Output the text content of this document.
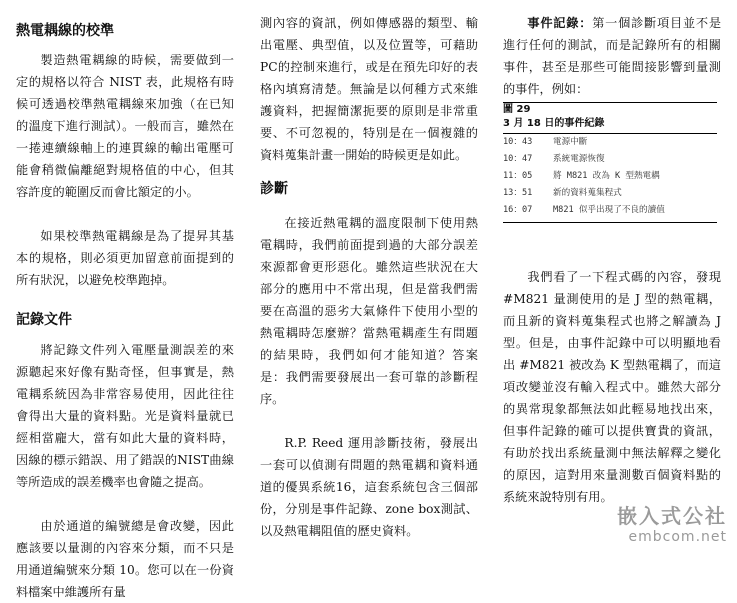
熱電耦線的校準

製造熱電耦線的時候，需要做到一定的規格以符合 NIST 表，此規格有時候可透過校準熱電耦線來加強（在已知的溫度下進行測試）。一般而言，雖然在一捲連續線軸上的連貫線的輸出電壓可能會稍微偏離絕對規格值的中心，但其容許度的範圍反而會比額定的小。

如果校準熱電耦線是為了提昇其基本的規格，則必須更加留意前面提到的所有狀況，以避免校準跑掉。

記錄文件

將記錄文件列入電壓量測誤差的來源聽起來好像有點奇怪，但事實是，熱電耦系統因為非常容易使用，因此往往會得出大量的資料點。光是資料量就已經相當龐大，當有如此大量的資料時，因線的標示錯誤、用了錯誤的NIST曲線等所造成的誤差機率也會隨之提高。

由於通道的編號總是會改變，因此應該要以量測的內容來分類，而不只是用通道編號來分類 10。您可以在一份資料檔案中維護所有量

測內容的資訊，例如傳感器的類型、輸出電壓、典型值，以及位置等，可藉助PC的控制來進行，或是在預先印好的表格內填寫清楚。無論是以何種方式來維護資料，把握簡潔扼要的原則是非常重要、不可忽視的，特別是在一個複雜的資料蒐集計畫一開始的時候更是如此。

診斷

在接近熱電耦的溫度限制下使用熱電耦時，我們前面提到過的大部分誤差來源都會更形惡化。雖然這些狀況在大部分的應用中不常出現，但是當我們需要在高溫的惡劣大氣條件下使用小型的熱電耦時怎麼辦？當熱電耦產生有問題的結果時，我們如何才能知道？答案是：我們需要發展出一套可靠的診斷程序。

R.P. Reed 運用診斷技術，發展出一套可以偵測有問題的熱電耦和資料通道的優異系統16，這套系統包含三個部份，分別是事件記錄、zone box測試、以及熱電耦阻值的歷史資料。

事件記錄：第一個診斷項目並不是進行任何的測試，而是記錄所有的相關事件，甚至是那些可能間接影響到量測的事件，例如：

我們看了一下程式碼的內容，發現 #M821 量測使用的是 J 型的熱電耦，而且新的資料蒐集程式也將之解讀為 J 型。但是，由事件記錄中可以明顯地看出 #M821 被改為 K 型熱電耦了，而這項改變並沒有輸入程式中。雖然大部分的異常現象都無法如此輕易地找出來，但事件記錄的確可以提供寶貴的資訊，有助於找出系統量測中無法解釋之變化的原因，這對用來量測數百個資料點的系統來說特別有用。

圖 29
3 月 18 日的事件紀錄
10：43	電源中斷
10：47	系統電源恢復
11：05	將 M821 改為 K 型熱電耦
13：51	新的資料蒐集程式
16：07	M821 似乎出現了不良的讀值
嵌入式公社
embcom.net
